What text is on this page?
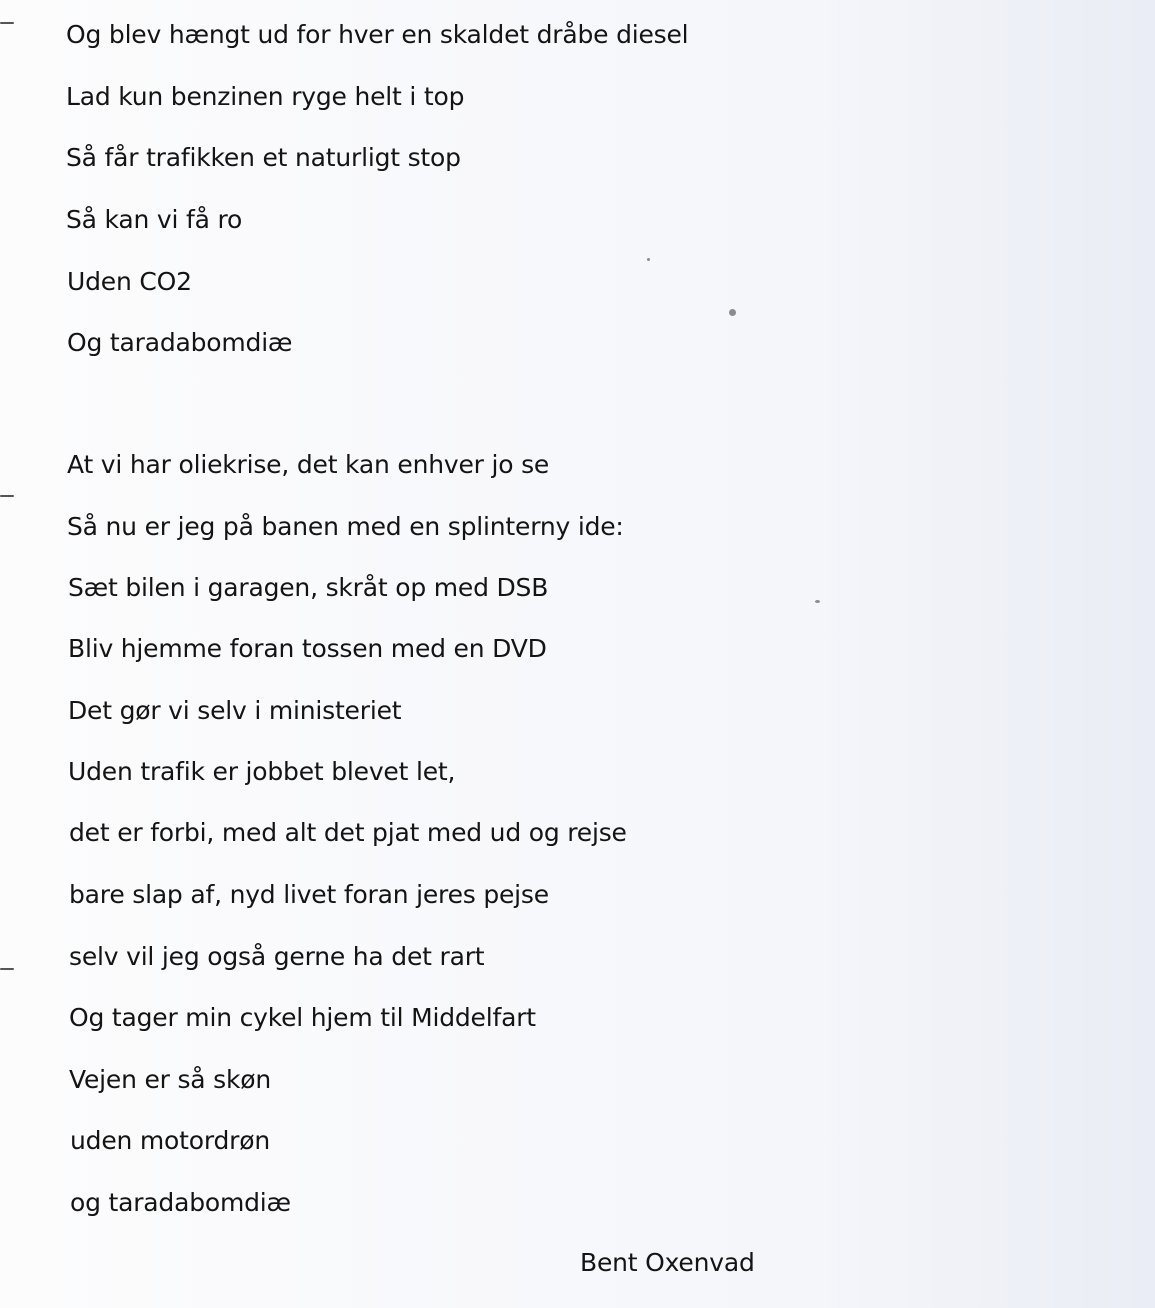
Og blev hængt ud for hver en skaldet dråbe diesel
Lad kun benzinen ryge helt i top
Så får trafikken et naturligt stop
Så kan vi få ro
Uden CO2
Og taradabomdiæ
At vi har oliekrise, det kan enhver jo se
Så nu er jeg på banen med en splinterny ide:
Sæt bilen i garagen, skråt op med DSB
Bliv hjemme foran tossen med en DVD
Det gør vi selv i ministeriet
Uden trafik er jobbet blevet let,
det er forbi, med alt det pjat med ud og rejse
bare slap af, nyd livet foran jeres pejse
selv vil jeg også gerne ha det rart
Og tager min cykel hjem til Middelfart
Vejen er så skøn
uden motordrøn
og taradabomdiæ
Bent Oxenvad
